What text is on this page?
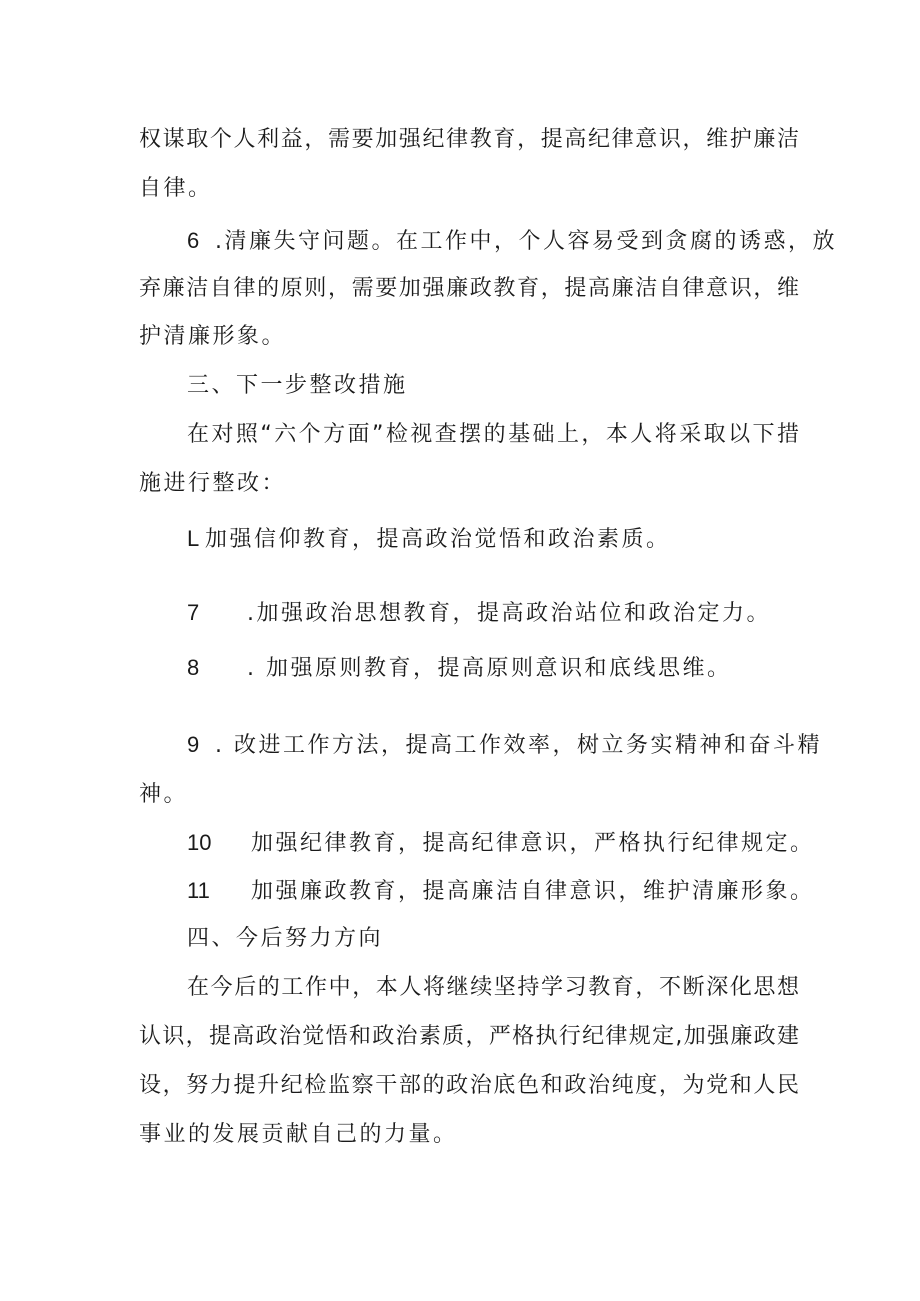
权谋取个人利益，需要加强纪律教育，提高纪律意识，维护廉洁
自律。
6 .清廉失守问题。在工作中，个人容易受到贪腐的诱惑，放
弃廉洁自律的原则，需要加强廉政教育，提高廉洁自律意识，维
护清廉形象。
三、下一步整改措施
在对照“六个方面”检视查摆的基础上，本人将采取以下措
施进行整改：
L 加强信仰教育，提高政治觉悟和政治素质。
7 .加强政治思想教育，提高政治站位和政治定力。
8 . 加强原则教育，提高原则意识和底线思维。
9 . 改进工作方法，提高工作效率，树立务实精神和奋斗精
神。
10 加强纪律教育，提高纪律意识，严格执行纪律规定。
11 加强廉政教育，提高廉洁自律意识，维护清廉形象。
四、今后努力方向
在今后的工作中，本人将继续坚持学习教育，不断深化思想
认识，提高政治觉悟和政治素质，严格执行纪律规定,加强廉政建
设，努力提升纪检监察干部的政治底色和政治纯度，为党和人民
事业的发展贡献自己的力量。
